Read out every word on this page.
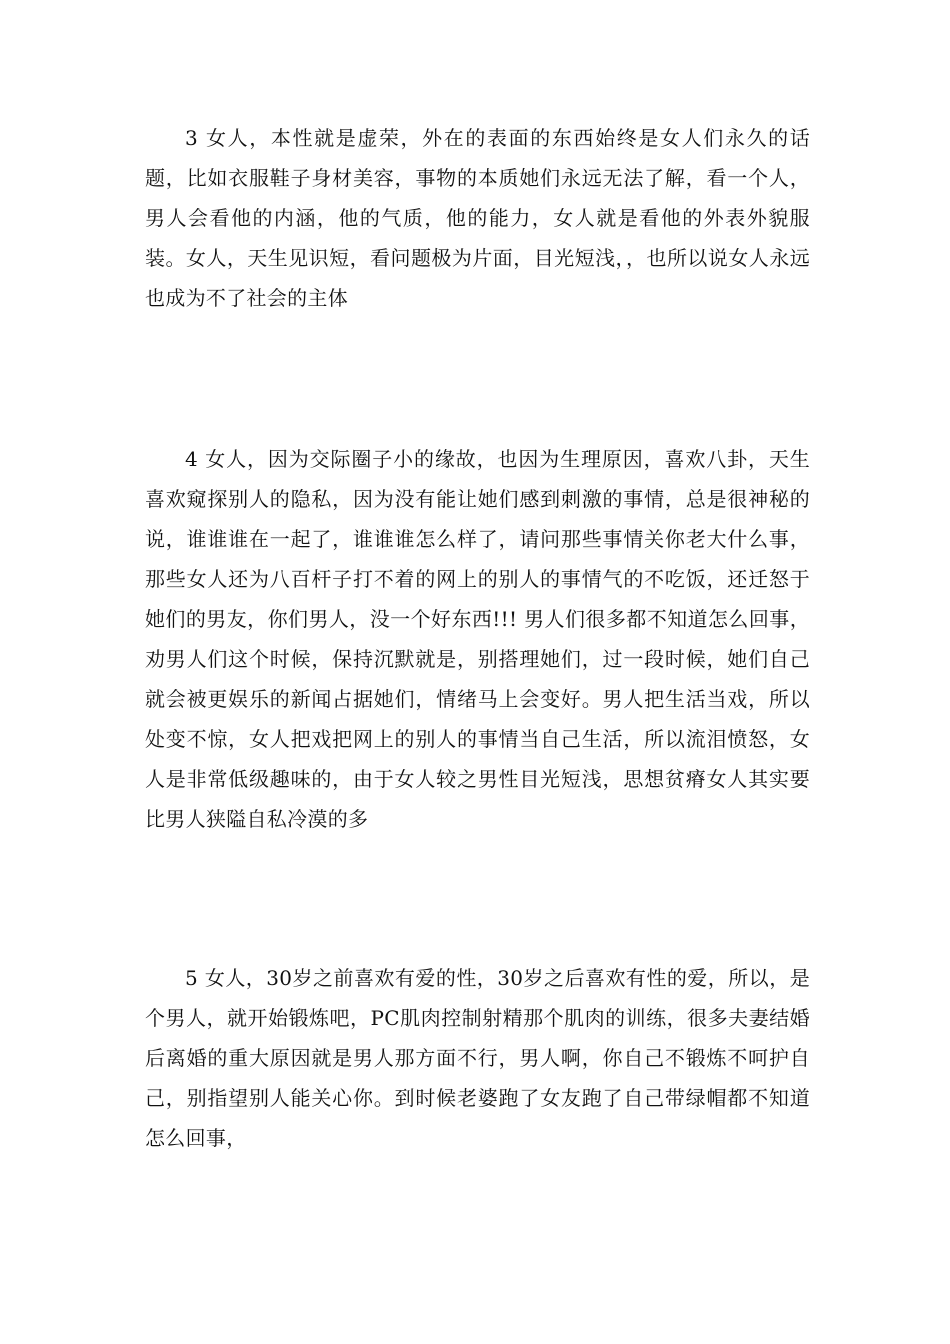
3 女人，本性就是虚荣，外在的表面的东西始终是女人们永久的话题，比如衣服鞋子身材美容，事物的本质她们永远无法了解，看一个人，男人会看他的内涵，他的气质，他的能力，女人就是看他的外表外貌服装。女人，天生见识短，看问题极为片面，目光短浅，，也所以说女人永远也成为不了社会的主体

4 女人，因为交际圈子小的缘故，也因为生理原因，喜欢八卦，天生喜欢窥探别人的隐私，因为没有能让她们感到刺激的事情，总是很神秘的说，谁谁谁在一起了，谁谁谁怎么样了，请问那些事情关你老大什么事，那些女人还为八百杆子打不着的网上的别人的事情气的不吃饭，还迁怒于她们的男友，你们男人，没一个好东西!!! 男人们很多都不知道怎么回事，劝男人们这个时候，保持沉默就是，别搭理她们，过一段时候，她们自己就会被更娱乐的新闻占据她们，情绪马上会变好。男人把生活当戏，所以处变不惊，女人把戏把网上的别人的事情当自己生活，所以流泪愤怒，女人是非常低级趣味的，由于女人较之男性目光短浅，思想贫瘠女人其实要比男人狭隘自私冷漠的多

5 女人，30岁之前喜欢有爱的性，30岁之后喜欢有性的爱，所以，是个男人，就开始锻炼吧，PC肌肉控制射精那个肌肉的训练，很多夫妻结婚后离婚的重大原因就是男人那方面不行，男人啊，你自己不锻炼不呵护自己，别指望别人能关心你。到时候老婆跑了女友跑了自己带绿帽都不知道怎么回事，
